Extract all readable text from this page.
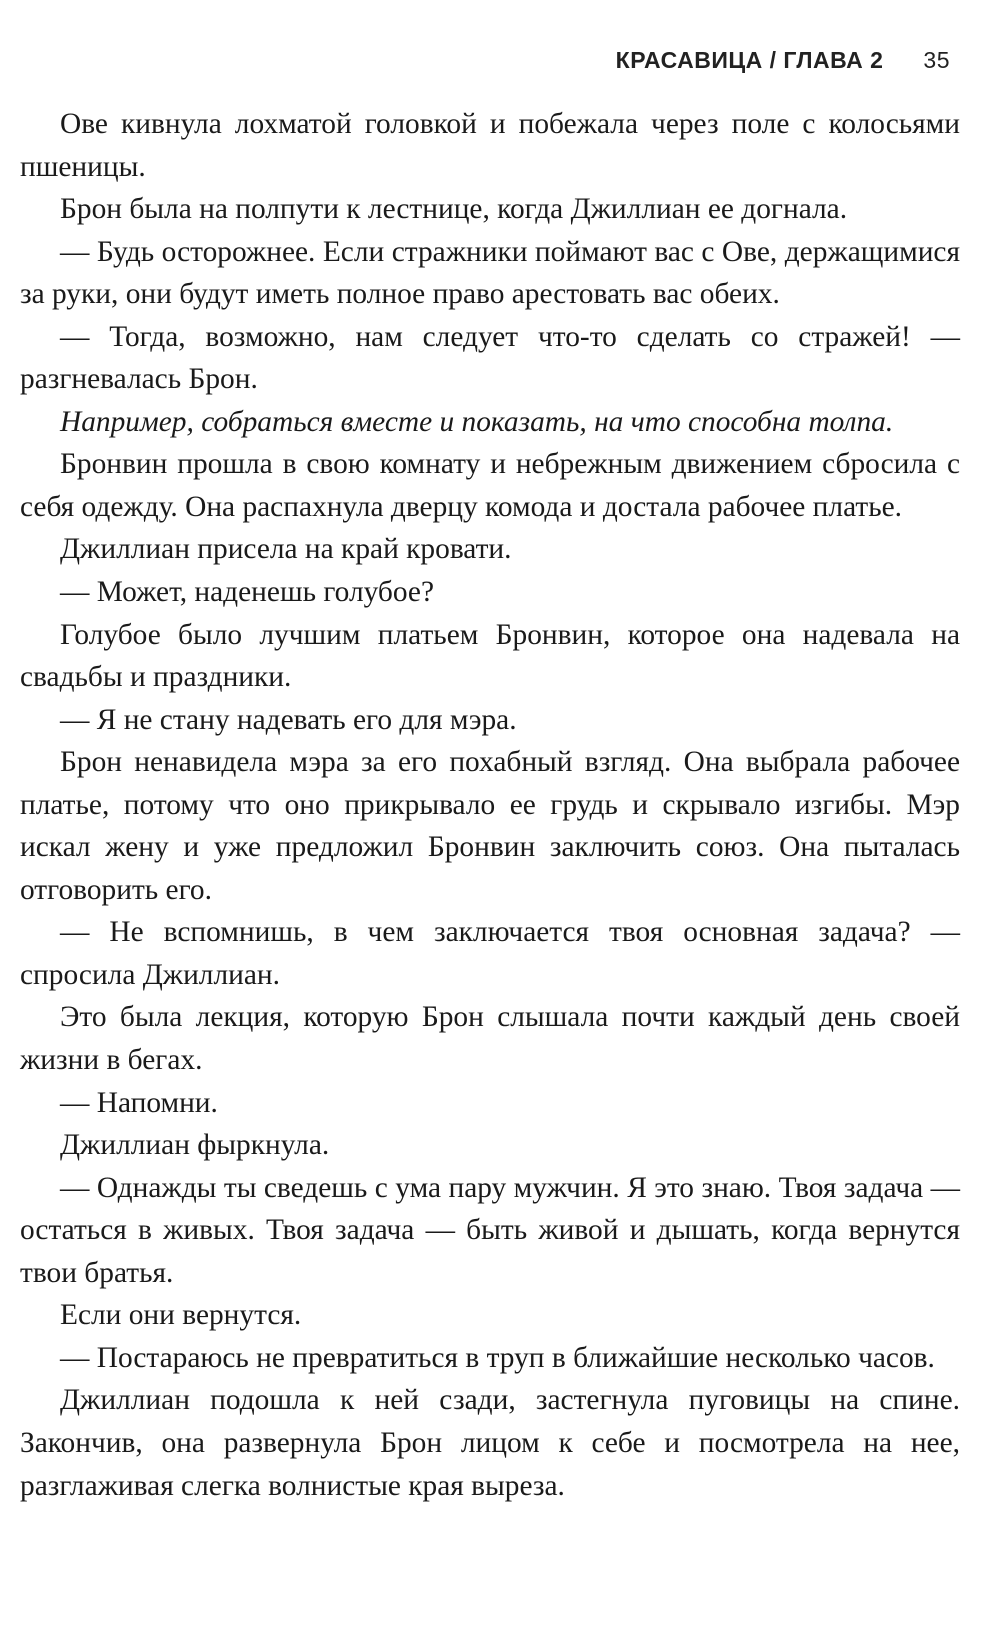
КРАСАВИЦА / ГЛАВА 2 35

Ове кивнула лохматой головкой и побежала через поле с колосьями пшеницы.

Брон была на полпути к лестнице, когда Джиллиан ее догнала.

— Будь осторожнее. Если стражники поймают вас с Ове, держащимися за руки, они будут иметь полное право арестовать вас обеих.

— Тогда, возможно, нам следует что-то сделать со стражей! — разгневалась Брон.

Например, собраться вместе и показать, на что способна толпа.

Бронвин прошла в свою комнату и небрежным движением сбросила с себя одежду. Она распахнула дверцу комода и достала рабочее платье.

Джиллиан присела на край кровати.

— Может, наденешь голубое?

Голубое было лучшим платьем Бронвин, которое она надевала на свадьбы и праздники.

— Я не стану надевать его для мэра.

Брон ненавидела мэра за его похабный взгляд. Она выбрала рабочее платье, потому что оно прикрывало ее грудь и скрывало изгибы. Мэр искал жену и уже предложил Бронвин заключить союз. Она пыталась отговорить его.

— Не вспомнишь, в чем заключается твоя основная задача? — спросила Джиллиан.

Это была лекция, которую Брон слышала почти каждый день своей жизни в бегах.

— Напомни.

Джиллиан фыркнула.

— Однажды ты сведешь с ума пару мужчин. Я это знаю. Твоя задача — остаться в живых. Твоя задача — быть живой и дышать, когда вернутся твои братья.

Если они вернутся.

— Постараюсь не превратиться в труп в ближайшие несколько часов.

Джиллиан подошла к ней сзади, застегнула пуговицы на спине. Закончив, она развернула Брон лицом к себе и посмотрела на нее, разглаживая слегка волнистые края выреза.
